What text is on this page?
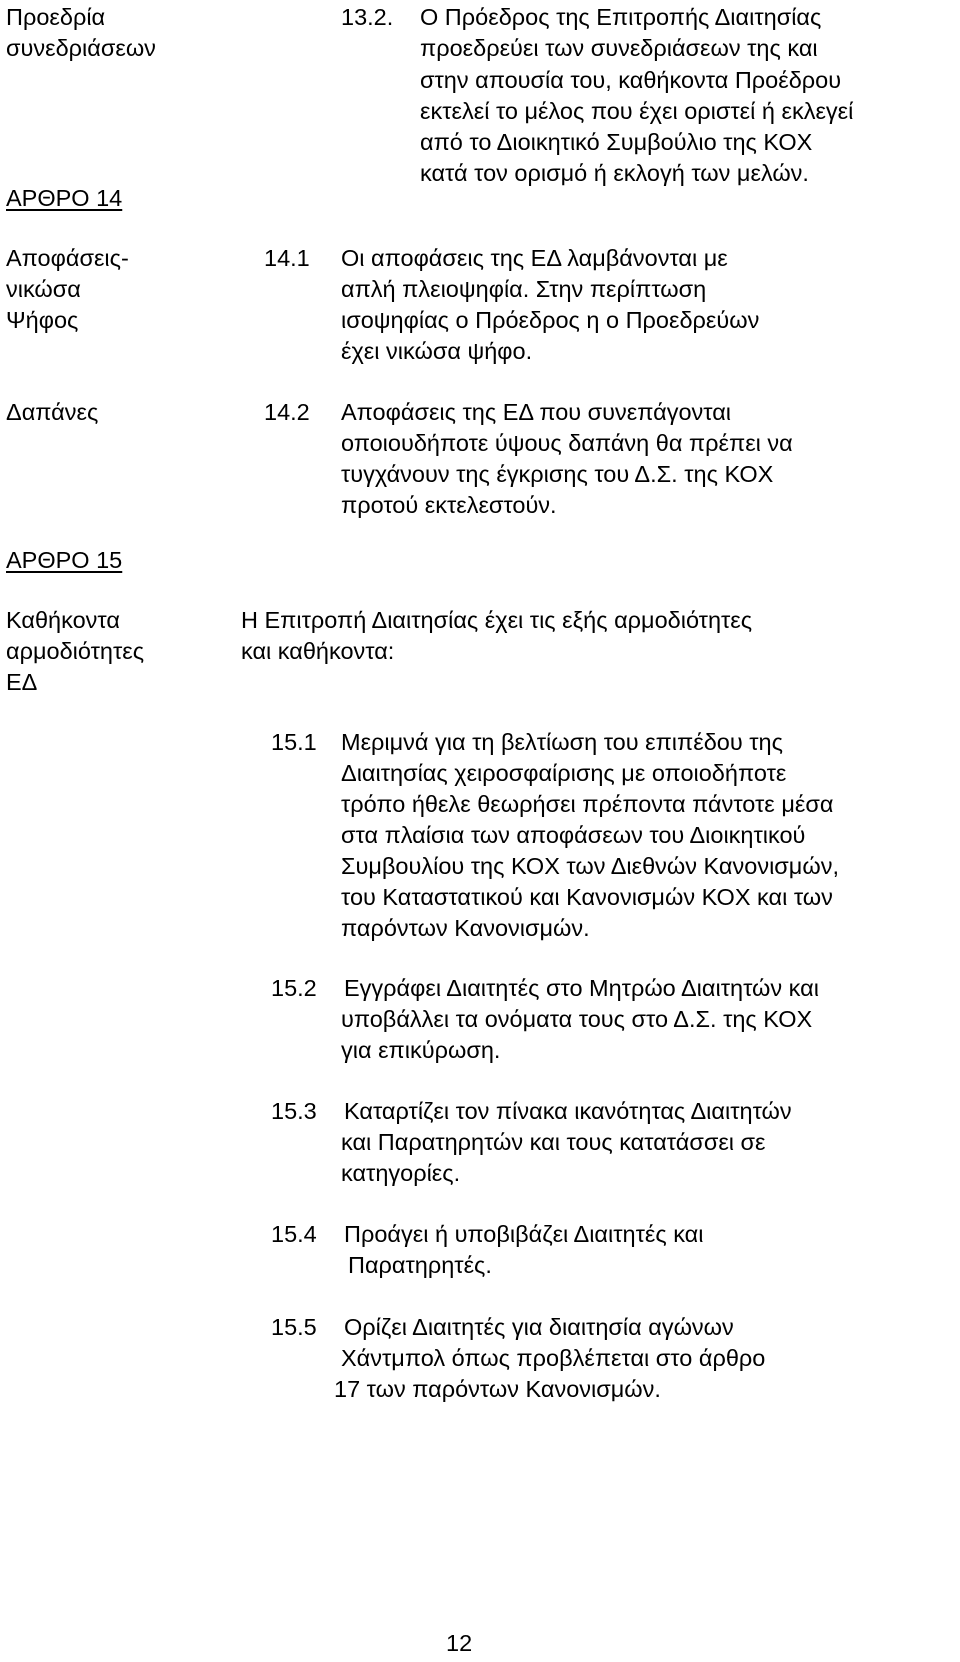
Προεδρία

συνεδριάσεων

ΑΡΘΡΟ 14

Αποφάσεις-

νικώσα

Ψήφος

Δαπάνες

ΑΡΘΡΟ 15

Καθήκοντα

αρμοδιότητες

ΕΔ

13.2. Ο Πρόεδρος της Επιτροπής Διαιτησίας

προεδρεύει των συνεδριάσεων της και

στην απουσία του, καθήκοντα Προέδρου

εκτελεί το μέλος που έχει οριστεί ή εκλεγεί

από το Διοικητικό Συμβούλιο της ΚΟΧ

κατά τον ορισμό ή εκλογή των μελών.

14.1 Οι αποφάσεις της ΕΔ λαμβάνονται με

απλή πλειοψηφία. Στην περίπτωση

ισοψηφίας ο Πρόεδρος η ο Προεδρεύων

έχει νικώσα ψήφο.

14.2 Αποφάσεις της ΕΔ που συνεπάγονται

οποιουδήποτε ύψους δαπάνη θα πρέπει να

τυγχάνουν της έγκρισης του Δ.Σ. της ΚΟΧ

προτού εκτελεστούν.

Η Επιτροπή Διαιτησίας έχει τις εξής αρμοδιότητες

και καθήκοντα:

15.1 Μεριμνά για τη βελτίωση του επιπέδου της

Διαιτησίας χειροσφαίρισης με οποιοδήποτε

τρόπο ήθελε θεωρήσει πρέποντα πάντοτε μέσα

στα πλαίσια των αποφάσεων του Διοικητικού

Συμβουλίου της ΚΟΧ των Διεθνών Κανονισμών,

του Καταστατικού και Κανονισμών ΚΟΧ και των

παρόντων Κανονισμών.

15.2 Εγγράφει Διαιτητές στο Μητρώο Διαιτητών και

υποβάλλει τα ονόματα τους στο Δ.Σ. της ΚΟΧ

για επικύρωση.

15.3 Καταρτίζει τον πίνακα ικανότητας Διαιτητών

και Παρατηρητών και τους κατατάσσει σε

κατηγορίες.

15.4 Προάγει ή υποβιβάζει Διαιτητές και

Παρατηρητές.

15.5 Ορίζει Διαιτητές για διαιτησία αγώνων

Χάντμπολ όπως προβλέπεται στο άρθρο

17 των παρόντων Κανονισμών.

12
